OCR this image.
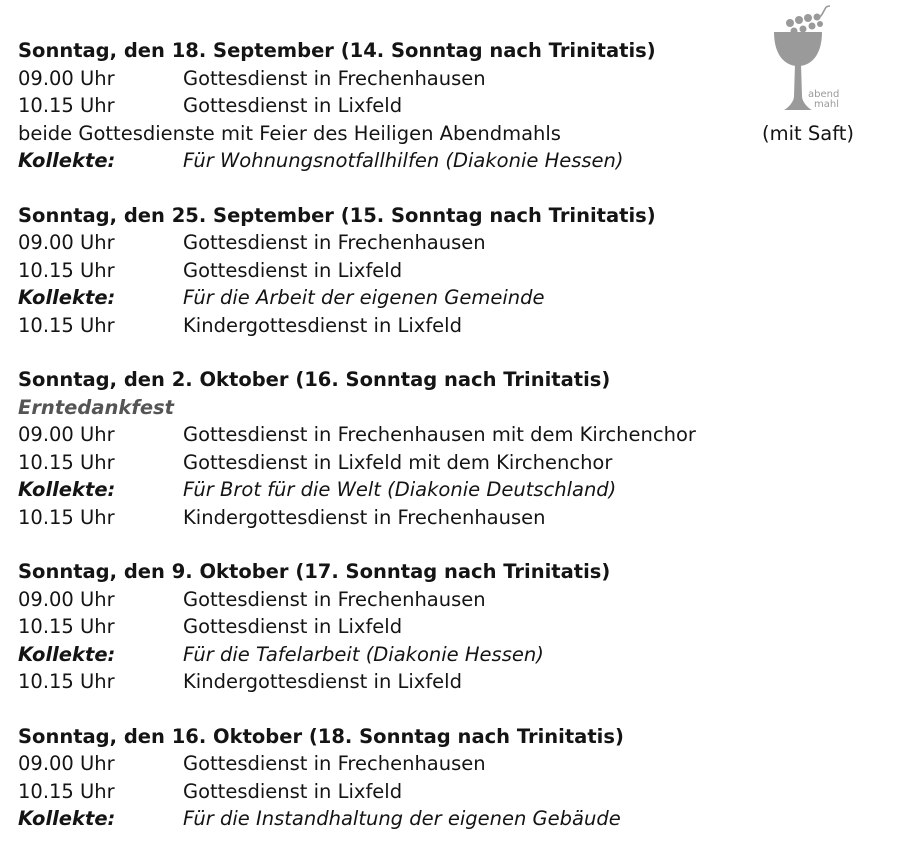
abend
mahl
Sonntag, den 18. September (14. Sonntag nach Trinitatis)
09.00 Uhr	Gottesdienst in Frechenhausen
10.15 Uhr	Gottesdienst in Lixfeld
beide Gottesdienste mit Feier des Heiligen Abendmahls	(mit Saft)
Kollekte:	Für Wohnungsnotfallhilfen (Diakonie Hessen)
Sonntag, den 25. September (15. Sonntag nach Trinitatis)
09.00 Uhr	Gottesdienst in Frechenhausen
10.15 Uhr	Gottesdienst in Lixfeld
Kollekte:	Für die Arbeit der eigenen Gemeinde
10.15 Uhr	Kindergottesdienst in Lixfeld
Sonntag, den 2. Oktober (16. Sonntag nach Trinitatis)
Erntedankfest
09.00 Uhr	Gottesdienst in Frechenhausen mit dem Kirchenchor
10.15 Uhr	Gottesdienst in Lixfeld mit dem Kirchenchor
Kollekte:	Für Brot für die Welt (Diakonie Deutschland)
10.15 Uhr	Kindergottesdienst in Frechenhausen
Sonntag, den 9. Oktober (17. Sonntag nach Trinitatis)
09.00 Uhr	Gottesdienst in Frechenhausen
10.15 Uhr	Gottesdienst in Lixfeld
Kollekte:	Für die Tafelarbeit (Diakonie Hessen)
10.15 Uhr	Kindergottesdienst in Lixfeld
Sonntag, den 16. Oktober (18. Sonntag nach Trinitatis)
09.00 Uhr	Gottesdienst in Frechenhausen
10.15 Uhr	Gottesdienst in Lixfeld
Kollekte:	Für die Instandhaltung der eigenen Gebäude
